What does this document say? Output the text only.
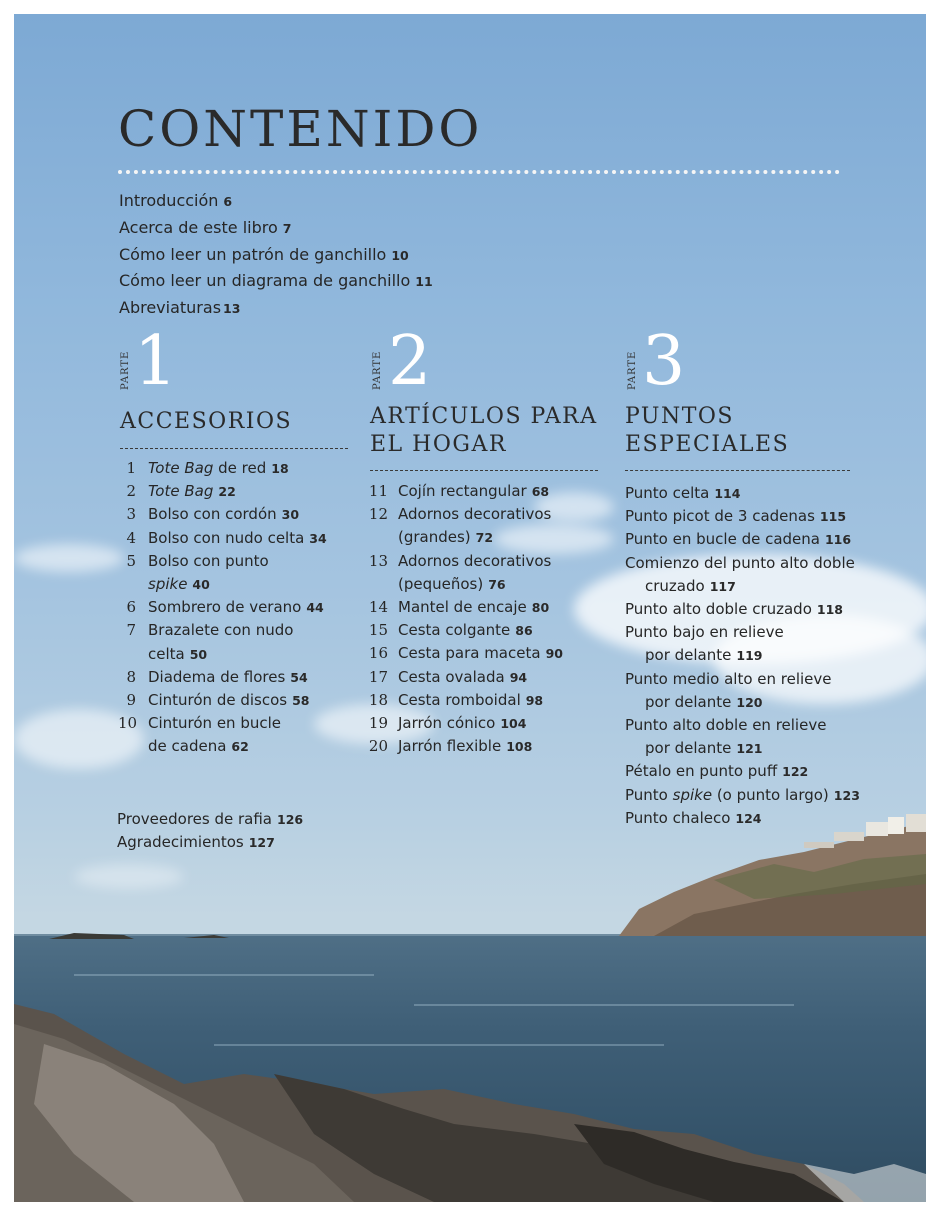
CONTENIDO
Introducción 6
Acerca de este libro 7
Cómo leer un patrón de ganchillo 10
Cómo leer un diagrama de ganchillo 11
Abreviaturas 13
PARTE 1
ACCESORIOS
1 Tote Bag de red 18
2 Tote Bag 22
3 Bolso con cordón 30
4 Bolso con nudo celta 34
5 Bolso con punto
spike 40
6 Sombrero de verano 44
7 Brazalete con nudo
celta 50
8 Diadema de flores 54
9 Cinturón de discos 58
10 Cinturón en bucle
de cadena 62
PARTE 2
ARTÍCULOS PARA
EL HOGAR
11 Cojín rectangular 68
12 Adornos decorativos
(grandes) 72
13 Adornos decorativos
(pequeños) 76
14 Mantel de encaje 80
15 Cesta colgante 86
16 Cesta para maceta 90
17 Cesta ovalada 94
18 Cesta romboidal 98
19 Jarrón cónico 104
20 Jarrón flexible 108
PARTE 3
PUNTOS
ESPECIALES
Punto celta 114
Punto picot de 3 cadenas 115
Punto en bucle de cadena 116
Comienzo del punto alto doble
cruzado 117
Punto alto doble cruzado 118
Punto bajo en relieve
por delante 119
Punto medio alto en relieve
por delante 120
Punto alto doble en relieve
por delante 121
Pétalo en punto puff 122
Punto spike (o punto largo) 123
Punto chaleco 124
Proveedores de rafia 126
Agradecimientos 127
